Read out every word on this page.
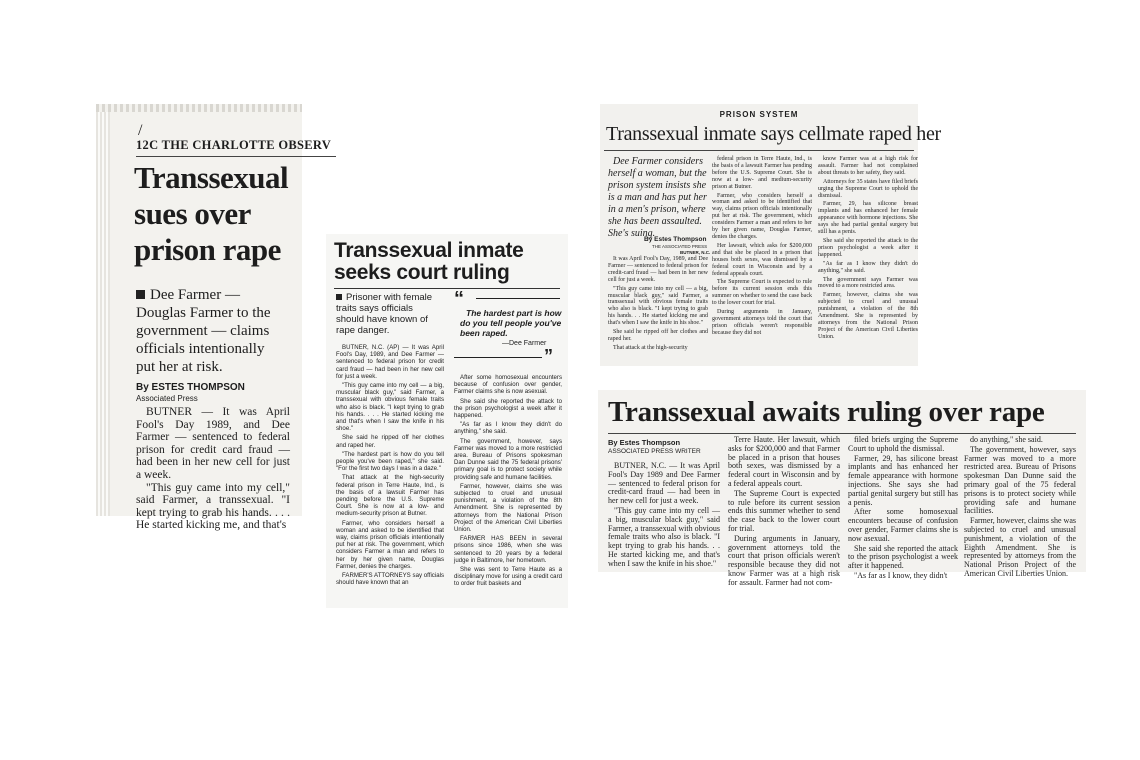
/
12C THE CHARLOTTE OBSERV
Transsexual sues over prison rape
Dee Farmer — Douglas Farmer to the government — claims officials intentionally put her at risk.
By ESTES THOMPSON
Associated Press

BUTNER — It was April Fool's Day 1989, and Dee Farmer — sentenced to federal prison for credit card fraud — had been in her new cell for just a week.

"This guy came into my cell," said Farmer, a transsexual. "I kept trying to grab his hands. . . . He started kicking me, and that's

Transsexual inmate seeks court ruling
Prisoner with female traits says officials should have known of rape danger.
“

The hardest part is how do you tell people you've been raped.

—Dee Farmer
”

BUTNER, N.C. (AP) — It was April Fool's Day, 1989, and Dee Farmer — sentenced to federal prison for credit card fraud — had been in her new cell for just a week.

"This guy came into my cell — a big, muscular black guy," said Farmer, a transsexual with obvious female traits who also is black. "I kept trying to grab his hands. . . . He started kicking me and that's when I saw the knife in his shoe."

She said he ripped off her clothes and raped her.

"The hardest part is how do you tell people you've been raped," she said. "For the first two days I was in a daze."

That attack at the high-security federal prison in Terre Haute, Ind., is the basis of a lawsuit Farmer has pending before the U.S. Supreme Court. She is now at a low- and medium-security prison at Butner.

Farmer, who considers herself a woman and asked to be identified that way, claims prison officials intentionally put her at risk. The government, which considers Farmer a man and refers to her by her given name, Douglas Farmer, denies the charges.

FARMER'S ATTORNEYS say officials should have known that an

After some homosexual encounters because of confusion over gender, Farmer claims she is now asexual.

She said she reported the attack to the prison psychologist a week after it happened.

"As far as I know they didn't do anything," she said.

The government, however, says Farmer was moved to a more restricted area. Bureau of Prisons spokesman Dan Dunne said the 75 federal prisons' primary goal is to protect society while providing safe and humane facilities.

Farmer, however, claims she was subjected to cruel and unusual punishment, a violation of the 8th Amendment. She is represented by attorneys from the National Prison Project of the American Civil Liberties Union.

FARMER HAS BEEN in several prisons since 1986, when she was sentenced to 20 years by a federal judge in Baltimore, her hometown.

She was sent to Terre Haute as a disciplinary move for using a credit card to order fruit baskets and

PRISON SYSTEM
Transsexual inmate says cellmate raped her

Dee Farmer considers herself a woman, but the prison system insists she is a man and has put her in a men's prison, where she has been assaulted. She's suing.

By Estes Thompson
THE ASSOCIATED PRESS
BUTNER, N.C.

It was April Fool's Day, 1989, and Dee Farmer — sentenced to federal prison for credit-card fraud — had been in her new cell for just a week.

"This guy came into my cell — a big, muscular black guy," said Farmer, a transsexual with obvious female traits who also is black. "I kept trying to grab his hands. . . He started kicking me and that's when I saw the knife in his shoe."

She said he ripped off her clothes and raped her.

That attack at the high-security

federal prison in Terre Haute, Ind., is the basis of a lawsuit Farmer has pending before the U.S. Supreme Court. She is now at a low- and medium-security prison at Butner.

Farmer, who considers herself a woman and asked to be identified that way, claims prison officials intentionally put her at risk. The government, which considers Farmer a man and refers to her by her given name, Douglas Farmer, denies the charges.

Her lawsuit, which asks for $200,000 and that she be placed in a prison that houses both sexes, was dismissed by a federal court in Wisconsin and by a federal appeals court.

The Supreme Court is expected to rule before its current session ends this summer on whether to send the case back to the lower court for trial.

During arguments in January, government attorneys told the court that prison officials weren't responsible because they did not

know Farmer was at a high risk for assault. Farmer had not complained about threats to her safety, they said.

Attorneys for 35 states have filed briefs urging the Supreme Court to uphold the dismissal.

Farmer, 29, has silicone breast implants and has enhanced her female appearance with hormone injections. She says she had partial genital surgery but still has a penis.

She said she reported the attack to the prison psychologist a week after it happened.

"As far as I know they didn't do anything," she said.

The government says Farmer was moved to a more restricted area.

Farmer, however, claims she was subjected to cruel and unusual punishment, a violation of the 8th Amendment. She is represented by attorneys from the National Prison Project of the American Civil Liberties Union.

Transsexual awaits ruling over rape
By Estes Thompson
ASSOCIATED PRESS WRITER

BUTNER, N.C. — It was April Fool's Day 1989 and Dee Farmer — sentenced to federal prison for credit-card fraud — had been in her new cell for just a week.

"This guy came into my cell — a big, muscular black guy," said Farmer, a transsexual with obvious female traits who also is black. "I kept trying to grab his hands. . . He started kicking me, and that's when I saw the knife in his shoe."

Terre Haute. Her lawsuit, which asks for $200,000 and that Farmer be placed in a prison that houses both sexes, was dismissed by a federal court in Wisconsin and by a federal appeals court.

The Supreme Court is expected to rule before its current session ends this summer whether to send the case back to the lower court for trial.

During arguments in January, government attorneys told the court that prison officials weren't responsible because they did not know Farmer was at a high risk for assault. Farmer had not com-

filed briefs urging the Supreme Court to uphold the dismissal.

Farmer, 29, has silicone breast implants and has enhanced her female appearance with hormone injections. She says she had partial genital surgery but still has a penis.

After some homosexual encounters because of confusion over gender, Farmer claims she is now asexual.

She said she reported the attack to the prison psychologist a week after it happened.

"As far as I know, they didn't

do anything," she said.

The government, however, says Farmer was moved to a more restricted area. Bureau of Prisons spokesman Dan Dunne said the primary goal of the 75 federal prisons is to protect society while providing safe and humane facilities.

Farmer, however, claims she was subjected to cruel and unusual punishment, a violation of the Eighth Amendment. She is represented by attorneys from the National Prison Project of the American Civil Liberties Union.
